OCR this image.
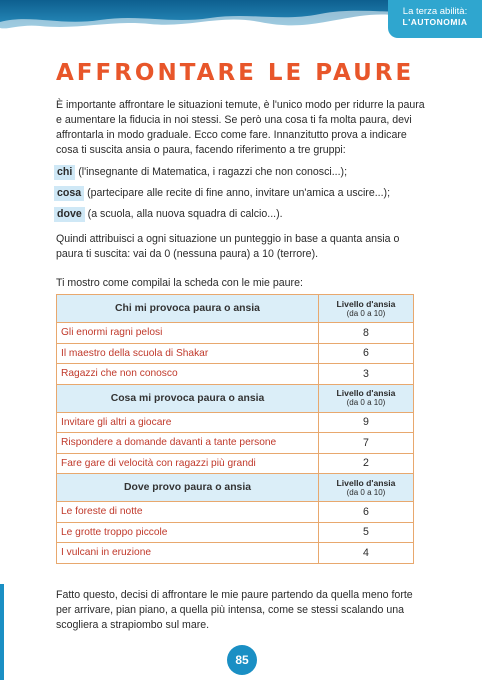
La terza abilità:
L'AUTONOMIA
AFFRONTARE LE PAURE

È importante affrontare le situazioni temute, è l'unico modo per ridurre la paura e aumentare la fiducia in noi stessi. Se però una cosa ti fa molta paura, devi affrontarla in modo graduale. Ecco come fare. Innanzitutto prova a indicare cosa ti suscita ansia o paura, facendo riferimento a tre gruppi:

chi (l'insegnante di Matematica, i ragazzi che non conosci...);
cosa (partecipare alle recite di fine anno, invitare un'amica a uscire...);
dove (a scuola, alla nuova squadra di calcio...).

Quindi attribuisci a ogni situazione un punteggio in base a quanta ansia o paura ti suscita: vai da 0 (nessuna paura) a 10 (terrore).

Ti mostro come compilai la scheda con le mie paure:

Chi mi provoca paura o ansia	Livello d'ansia
(da 0 a 10)

Gli enormi ragni pelosi	8
Il maestro della scuola di Shakar	6
Ragazzi che non conosco	3
Cosa mi provoca paura o ansia	Livello d'ansia
(da 0 a 10)

Invitare gli altri a giocare	9
Rispondere a domande davanti a tante persone	7
Fare gare di velocità con ragazzi più grandi	2
Dove provo paura o ansia	Livello d'ansia
(da 0 a 10)

Le foreste di notte	6
Le grotte troppo piccole	5
I vulcani in eruzione	4

Fatto questo, decisi di affrontare le mie paure partendo da quella meno forte per arrivare, pian piano, a quella più intensa, come se stessi scalando una scogliera a strapiombo sul mare.

85
